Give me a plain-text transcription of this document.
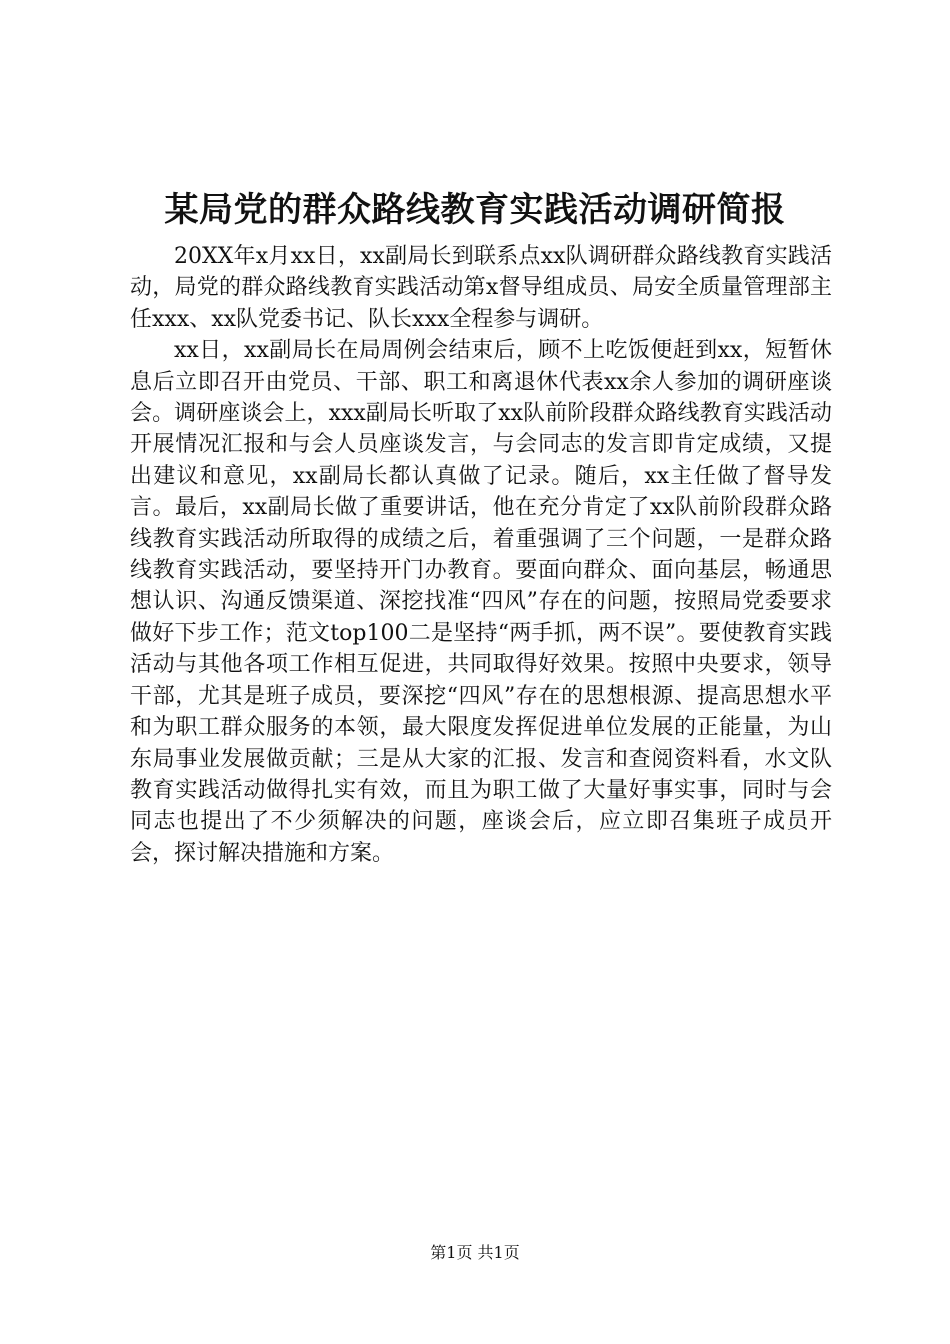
某局党的群众路线教育实践活动调研简报

20XX年x月xx日，xx副局长到联系点xx队调研群众路线教育实践活动，局党的群众路线教育实践活动第x督导组成员、局安全质量管理部主任xxx、xx队党委书记、队长xxx全程参与调研。

xx日，xx副局长在局周例会结束后，顾不上吃饭便赶到xx，短暂休息后立即召开由党员、干部、职工和离退休代表xx余人参加的调研座谈会。调研座谈会上，xxx副局长听取了xx队前阶段群众路线教育实践活动开展情况汇报和与会人员座谈发言，与会同志的发言即肯定成绩，又提出建议和意见，xx副局长都认真做了记录。随后，xx主任做了督导发言。最后，xx副局长做了重要讲话，他在充分肯定了xx队前阶段群众路线教育实践活动所取得的成绩之后，着重强调了三个问题，一是群众路线教育实践活动，要坚持开门办教育。要面向群众、面向基层，畅通思想认识、沟通反馈渠道、深挖找准“四风”存在的问题，按照局党委要求做好下步工作；范文top100二是坚持“两手抓，两不误”。要使教育实践活动与其他各项工作相互促进，共同取得好效果。按照中央要求，领导干部，尤其是班子成员，要深挖“四风”存在的思想根源、提高思想水平和为职工群众服务的本领，最大限度发挥促进单位发展的正能量，为山东局事业发展做贡献；三是从大家的汇报、发言和查阅资料看，水文队教育实践活动做得扎实有效，而且为职工做了大量好事实事，同时与会同志也提出了不少须解决的问题，座谈会后，应立即召集班子成员开会，探讨解决措施和方案。

第1页 共1页
